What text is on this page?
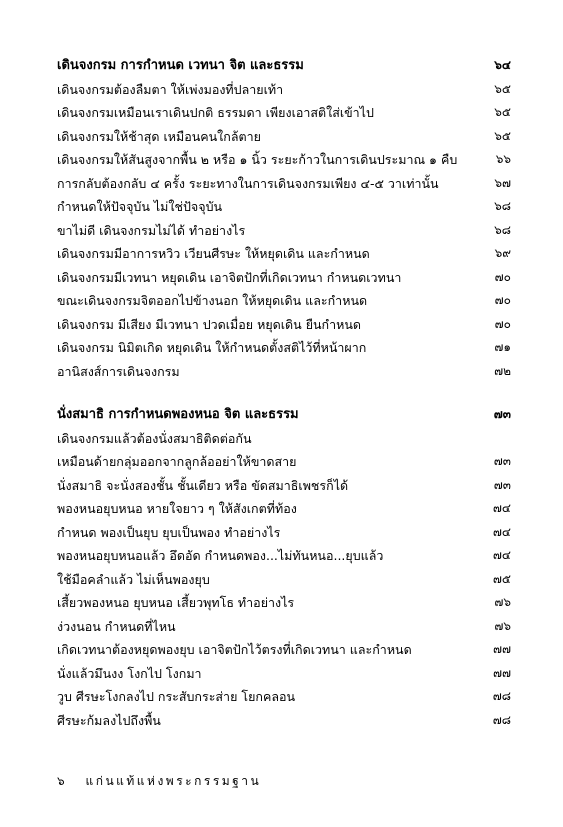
เดินจงกรม การกำหนด เวทนา จิต และธรรม	๖๔
เดินจงกรมต้องลืมตา ให้เพ่งมองที่ปลายเท้า	๖๕
เดินจงกรมเหมือนเราเดินปกติ ธรรมดา เพียงเอาสติใส่เข้าไป	๖๕
เดินจงกรมให้ช้าสุด เหมือนคนใกล้ตาย	๖๕
เดินจงกรมให้สันสูงจากพื้น ๒ หรือ ๑ นิ้ว ระยะก้าวในการเดินประมาณ ๑ คืบ	๖๖
การกลับต้องกลับ ๔ ครั้ง ระยะทางในการเดินจงกรมเพียง ๔-๕ วาเท่านั้น	๖๗
กำหนดให้ปัจจุบัน ไม่ใช่ปัจจุบัน	๖๘
ขาไม่ดี เดินจงกรมไม่ได้ ทำอย่างไร	๖๘
เดินจงกรมมีอาการหวิว เวียนศีรษะ ให้หยุดเดิน และกำหนด	๖๙
เดินจงกรมมีเวทนา หยุดเดิน เอาจิตปักที่เกิดเวทนา กำหนดเวทนา	๗๐
ขณะเดินจงกรมจิตออกไปข้างนอก ให้หยุดเดิน และกำหนด	๗๐
เดินจงกรม มีเสียง มีเวทนา ปวดเมื่อย หยุดเดิน ยืนกำหนด	๗๐
เดินจงกรม นิมิตเกิด หยุดเดิน ให้กำหนดตั้งสติไว้ที่หน้าผาก	๗๑
อานิสงส์การเดินจงกรม	๗๒
นั่งสมาธิ การกำหนดพองหนอ จิต และธรรม	๗๓
เดินจงกรมแล้วต้องนั่งสมาธิติดต่อกัน
เหมือนด้ายกลุ่มออกจากลูกล้ออย่าให้ขาดสาย	๗๓
นั่งสมาธิ จะนั่งสองชั้น ชั้นเดียว หรือ ขัดสมาธิเพชรก็ได้	๗๓
พองหนอยุบหนอ หายใจยาว ๆ ให้สังเกตที่ท้อง	๗๔
กำหนด พองเป็นยุบ ยุบเป็นพอง ทำอย่างไร	๗๔
พองหนอยุบหนอแล้ว อึดอัด กำหนดพอง...ไม่ทันหนอ...ยุบแล้ว	๗๔
ใช้มือคลำแล้ว ไม่เห็นพองยุบ	๗๕
เสี้ยวพองหนอ ยุบหนอ เสี้ยวพุทโธ ทำอย่างไร	๗๖
ง่วงนอน กำหนดที่ไหน	๗๖
เกิดเวทนาต้องหยุดพองยุบ เอาจิตปักไว้ตรงที่เกิดเวทนา และกำหนด	๗๗
นั่งแล้วมึนงง โงกไป โงกมา	๗๗
วูบ ศีรษะโงกลงไป กระสับกระส่าย โยกคลอน	๗๘
ศีรษะก้มลงไปถึงพื้น	๗๘
๖ แก่นแท้แห่งพระกรรมฐาน
